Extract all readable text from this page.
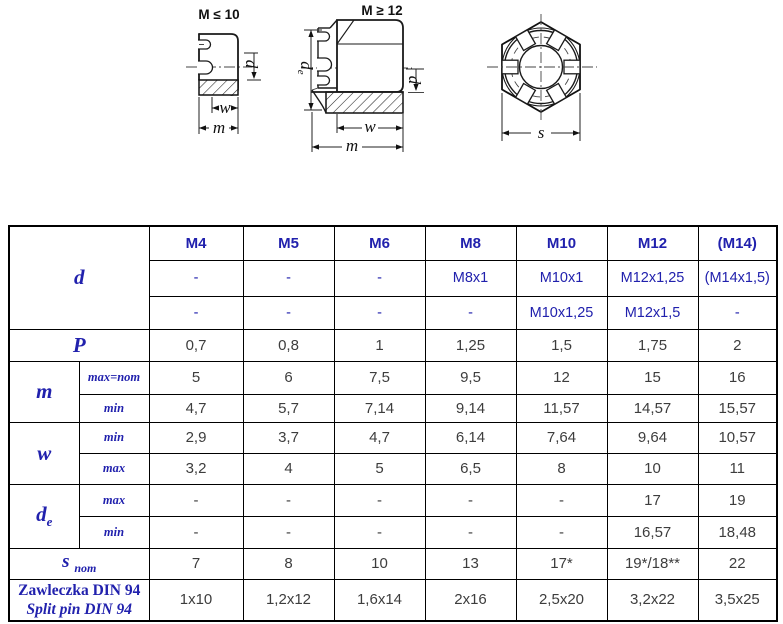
M ≤ 10
d
w
m
M ≥ 12
de
d
w
m
s
d		M4	M5	M6	M8	M10	M12	(M14)
		-	-	-	M8x1	M10x1	M12x1,25	(M14x1,5)
		-	-	-	-	M10x1,25	M12x1,5	-
P		0,7	0,8	1	1,25	1,5	1,75	2
m	max=nom	5	6	7,5	9,5	12	15	16
	min	4,7	5,7	7,14	9,14	11,57	14,57	15,57
w	min	2,9	3,7	4,7	6,14	7,64	9,64	10,57
	max	3,2	4	5	6,5	8	10	11
$d_e$	max	-	-	-	-	-	17	19
	min	-	-	-	-	-	16,57	18,48
s $_{nom}$		7	8	10	13	17*	19*/18**	22

Zawleczka DIN 94
Split pin DIN 94		1x10	1,2x12	1,6x14	2x16	2,5x20	3,2x22	3,5x25
